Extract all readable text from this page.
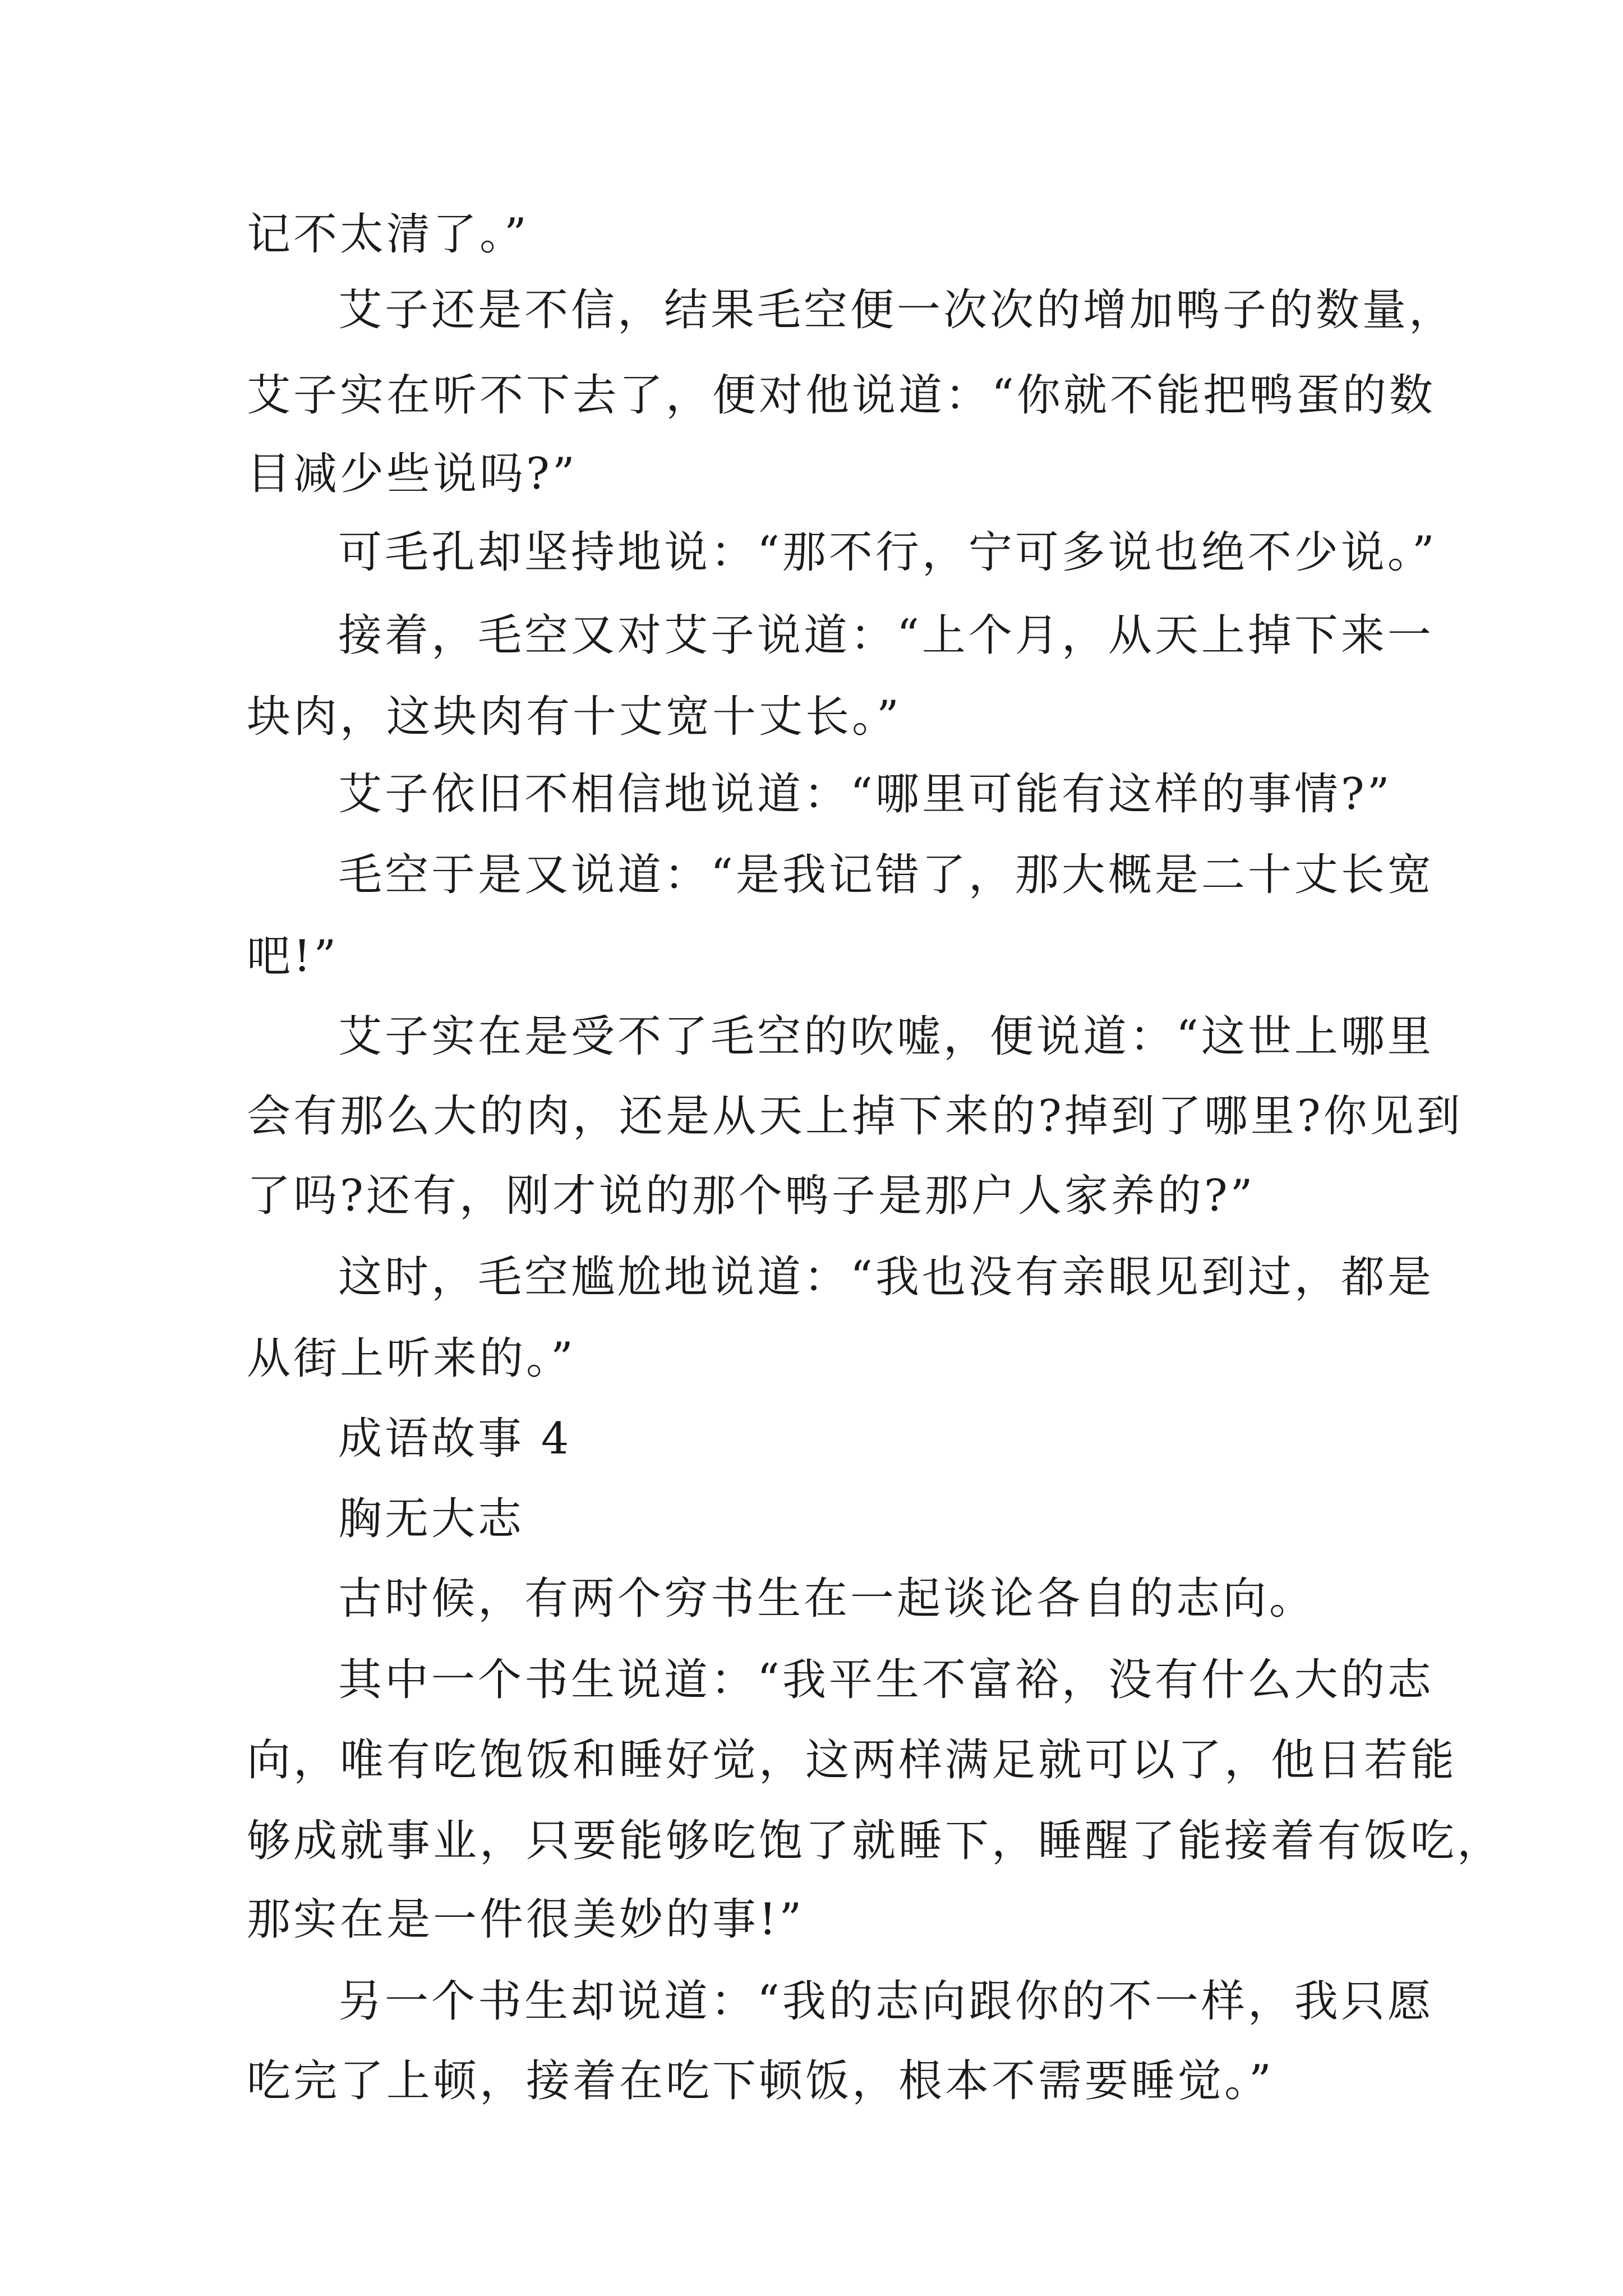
记不太清了。”
艾子还是不信，结果毛空便一次次的增加鸭子的数量，
艾子实在听不下去了，便对他说道：“你就不能把鸭蛋的数
目减少些说吗?”
可毛孔却坚持地说：“那不行，宁可多说也绝不少说。”
接着，毛空又对艾子说道：“上个月，从天上掉下来一
块肉，这块肉有十丈宽十丈长。”
艾子依旧不相信地说道：“哪里可能有这样的事情?”
毛空于是又说道：“是我记错了，那大概是二十丈长宽
吧!”
艾子实在是受不了毛空的吹嘘，便说道：“这世上哪里
会有那么大的肉，还是从天上掉下来的?掉到了哪里?你见到
了吗?还有，刚才说的那个鸭子是那户人家养的?”
这时，毛空尴尬地说道：“我也没有亲眼见到过，都是
从街上听来的。”
成语故事 4
胸无大志
古时候，有两个穷书生在一起谈论各自的志向。
其中一个书生说道：“我平生不富裕，没有什么大的志
向，唯有吃饱饭和睡好觉，这两样满足就可以了，他日若能
够成就事业，只要能够吃饱了就睡下，睡醒了能接着有饭吃，
那实在是一件很美妙的事!”
另一个书生却说道：“我的志向跟你的不一样，我只愿
吃完了上顿，接着在吃下顿饭，根本不需要睡觉。”
